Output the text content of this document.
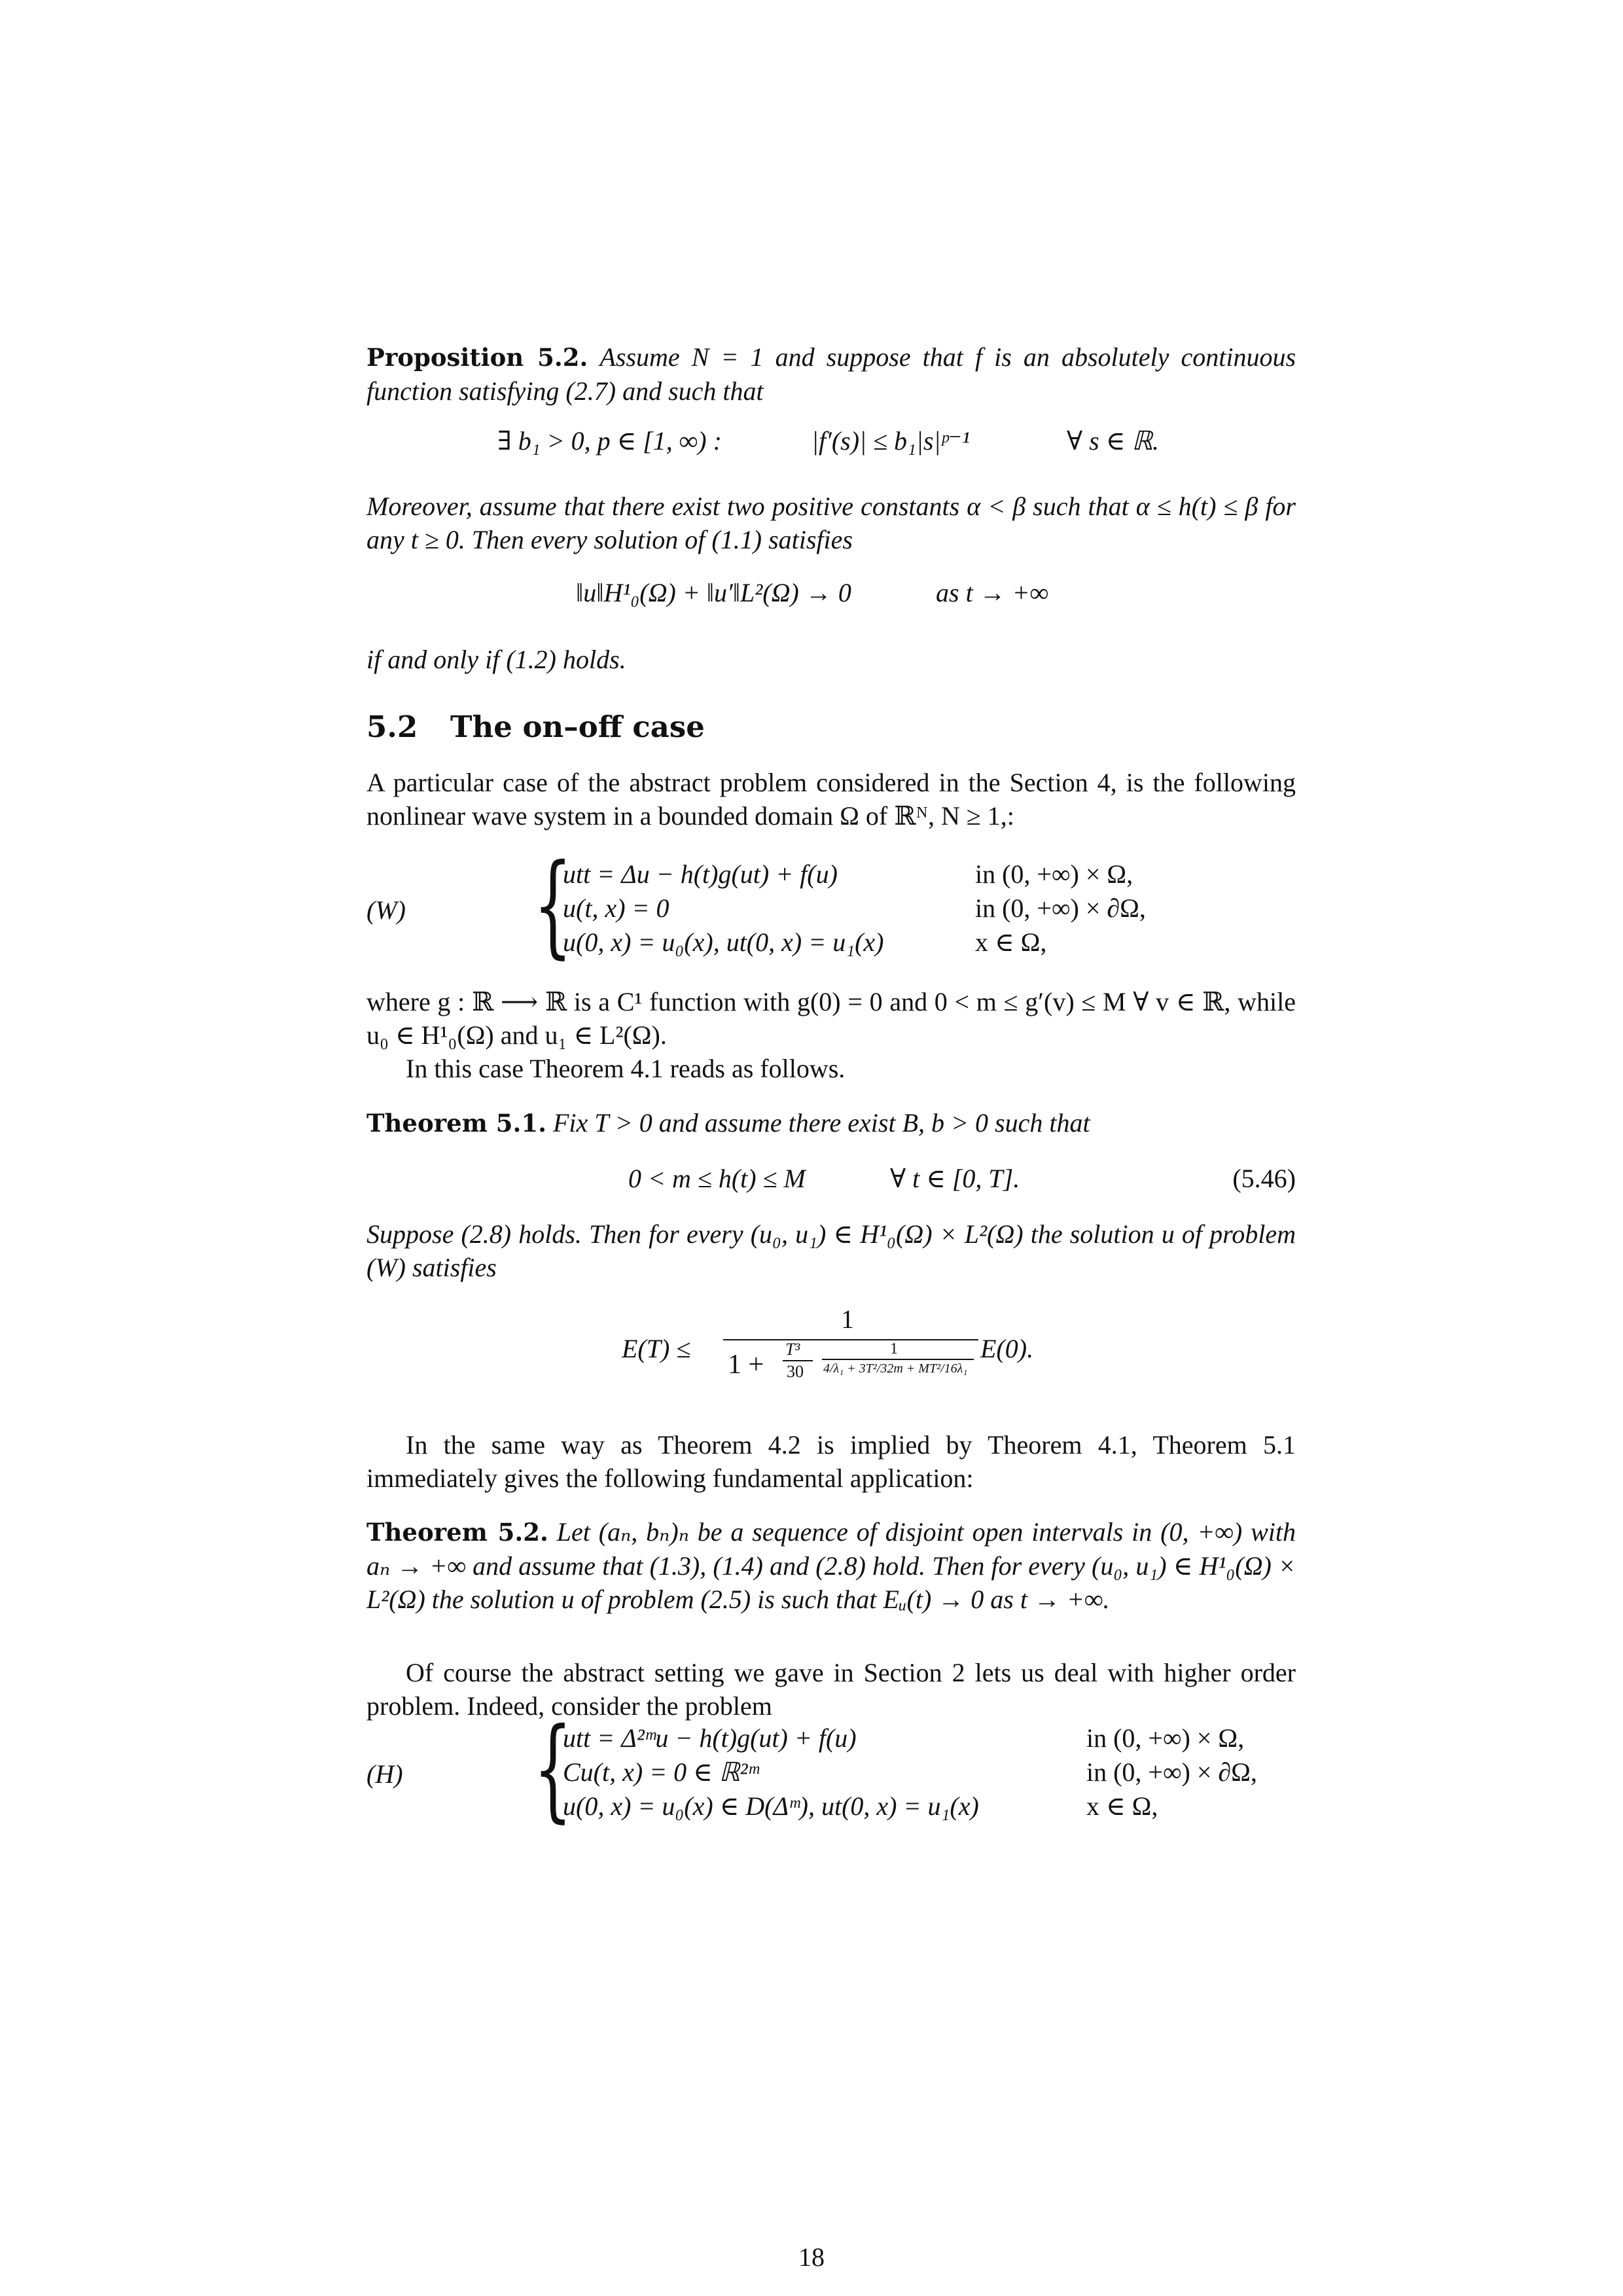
Proposition 5.2. Assume N = 1 and suppose that f is an absolutely continuous function satisfying (2.7) and such that
∃ b₁ > 0, p ∈ [1, ∞) :	|f′(s)| ≤ b₁|s|ᵖ⁻¹	∀ s ∈ ℝ.
Moreover, assume that there exist two positive constants α < β such that α ≤ h(t) ≤ β for any t ≥ 0. Then every solution of (1.1) satisfies
‖u‖H¹₀(Ω) + ‖u′‖L²(Ω) → 0	as t → +∞
if and only if (1.2) holds.
5.2 The on–off case
A particular case of the abstract problem considered in the Section 4, is the following nonlinear wave system in a bounded domain Ω of ℝᴺ, N ≥ 1,:
(W) {
utt = Δu − h(t)g(ut) + f(u)	in (0, +∞) × Ω,
u(t, x) = 0	in (0, +∞) × ∂Ω,
u(0, x) = u₀(x), ut(0, x) = u₁(x)	x ∈ Ω,
where g : ℝ ⟶ ℝ is a C¹ function with g(0) = 0 and 0 < m ≤ g′(v) ≤ M ∀ v ∈ ℝ, while u₀ ∈ H¹₀(Ω) and u₁ ∈ L²(Ω).
In this case Theorem 4.1 reads as follows.
Theorem 5.1. Fix T > 0 and assume there exist B, b > 0 such that
0 < m ≤ h(t) ≤ M	∀ t ∈ [0, T].	(5.46)
Suppose (2.8) holds. Then for every (u₀, u₁) ∈ H¹₀(Ω) × L²(Ω) the solution u of problem (W) satisfies
E(T) ≤
1
1 +
T³
30
1
4/λ₁ + 3T²/32m + MT²/16λ₁
E(0).
In the same way as Theorem 4.2 is implied by Theorem 4.1, Theorem 5.1 immediately gives the following fundamental application:
Theorem 5.2. Let (aₙ, bₙ)ₙ be a sequence of disjoint open intervals in (0, +∞) with aₙ → +∞ and assume that (1.3), (1.4) and (2.8) hold. Then for every (u₀, u₁) ∈ H¹₀(Ω) × L²(Ω) the solution u of problem (2.5) is such that Eᵤ(t) → 0 as t → +∞.
Of course the abstract setting we gave in Section 2 lets us deal with higher order problem. Indeed, consider the problem
(H) {
utt = Δ²ᵐu − h(t)g(ut) + f(u)	in (0, +∞) × Ω,
Cu(t, x) = 0 ∈ ℝ²ᵐ	in (0, +∞) × ∂Ω,
u(0, x) = u₀(x) ∈ D(Δᵐ), ut(0, x) = u₁(x)	x ∈ Ω,
18
